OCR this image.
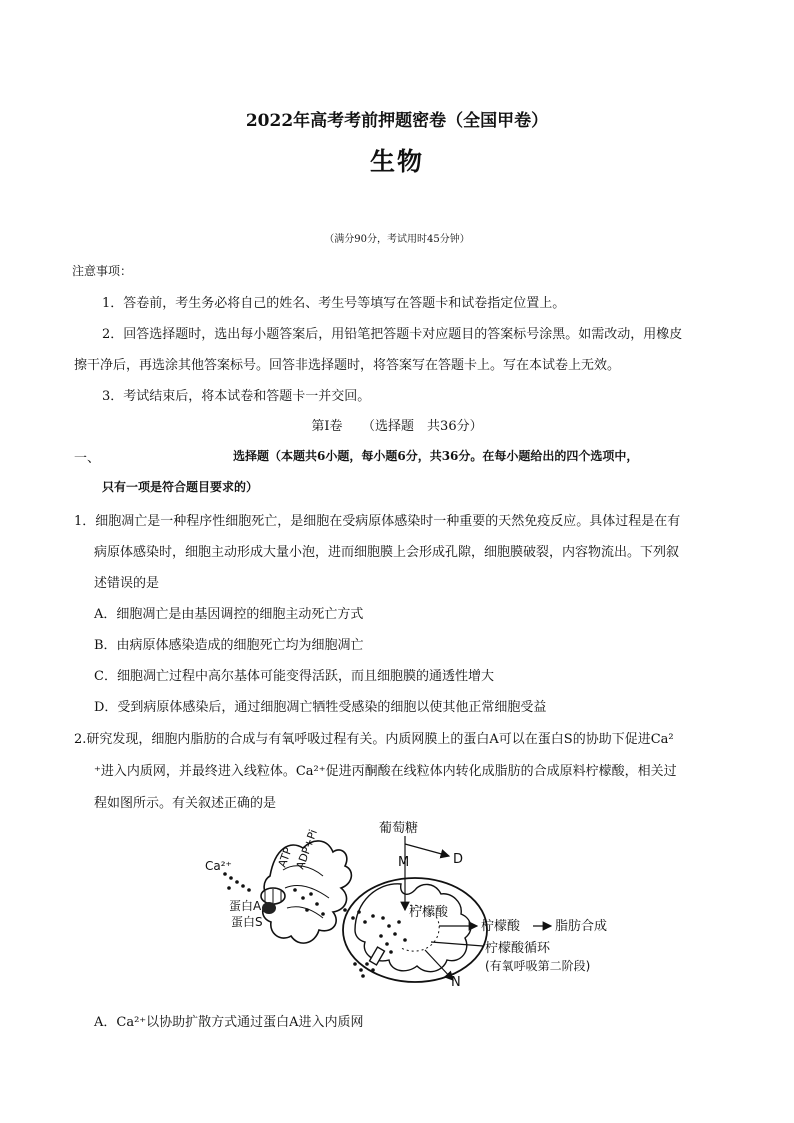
2022年高考考前押题密卷（全国甲卷）
生物
（满分90分，考试用时45分钟）
注意事项：
1．答卷前，考生务必将自己的姓名、考生号等填写在答题卡和试卷指定位置上。
2．回答选择题时，选出每小题答案后，用铅笔把答题卡对应题目的答案标号涂黑。如需改动，用橡皮
擦干净后，再选涂其他答案标号。回答非选择题时，将答案写在答题卡上。写在本试卷上无效。
3．考试结束后，将本试卷和答题卡一并交回。
第Ⅰ卷　　（选择题　共36分）
一、	选择题（本题共6小题，每小题6分，共36分。在每小题给出的四个选项中，
只有一项是符合题目要求的）
1．细胞凋亡是一种程序性细胞死亡，是细胞在受病原体感染时一种重要的天然免疫反应。具体过程是在有
病原体感染时，细胞主动形成大量小泡，进而细胞膜上会形成孔隙，细胞膜破裂，内容物流出。下列叙
述错误的是
A．细胞凋亡是由基因调控的细胞主动死亡方式
B．由病原体感染造成的细胞死亡均为细胞凋亡
C．细胞凋亡过程中高尔基体可能变得活跃，而且细胞膜的通透性增大
D．受到病原体感染后，通过细胞凋亡牺牲受感染的细胞以使其他正常细胞受益
2.研究发现，细胞内脂肪的合成与有氧呼吸过程有关。内质网膜上的蛋白A可以在蛋白S的协助下促进Ca²
⁺进入内质网，并最终进入线粒体。Ca²⁺促进丙酮酸在线粒体内转化成脂肪的合成原料柠檬酸，相关过
程如图所示。有关叙述正确的是
Ca²⁺
蛋白A
蛋白S
ATP
ADP+Pi	葡萄糖
M	D
柠檬酸
柠檬酸	脂肪合成
柠檬酸循环
(有氧呼吸第二阶段)
N
A．Ca²⁺以协助扩散方式通过蛋白A进入内质网
